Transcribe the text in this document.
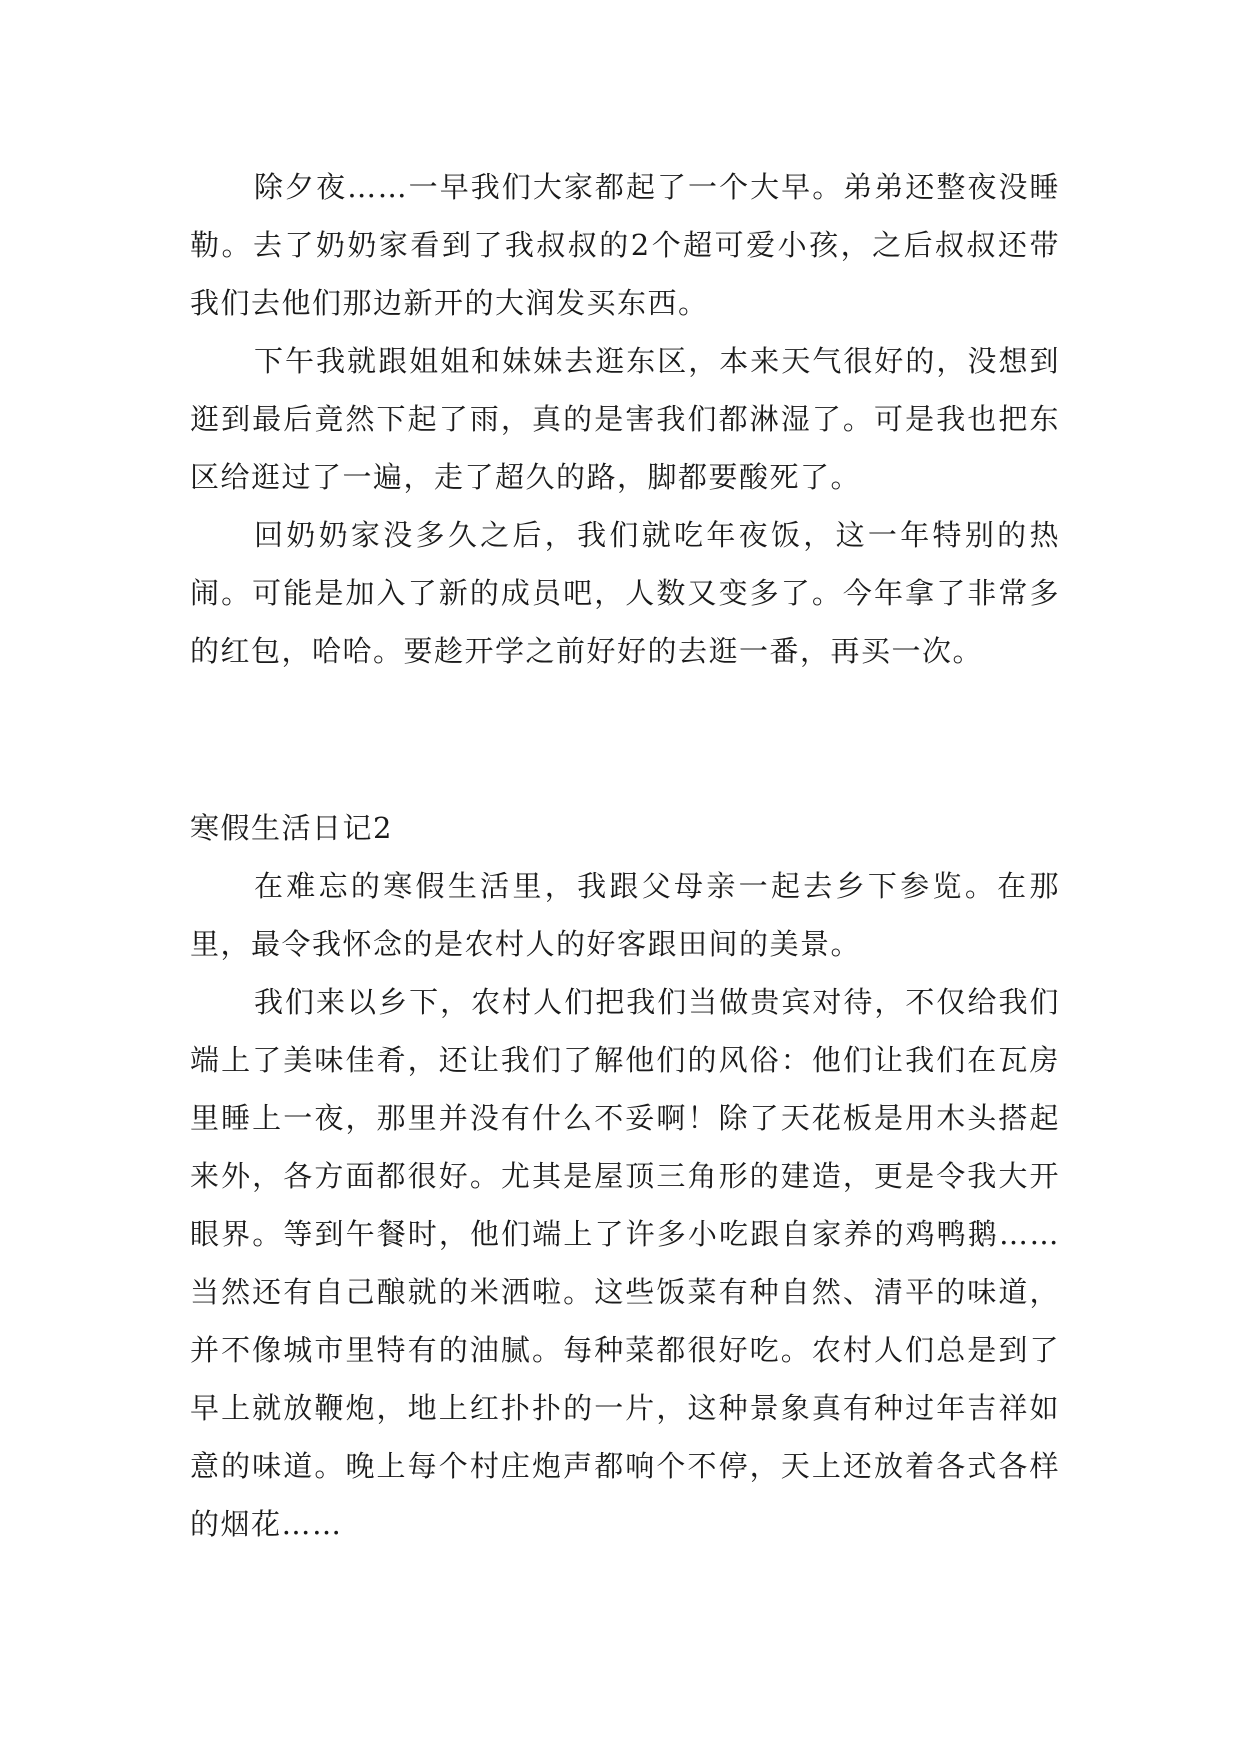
除夕夜……一早我们大家都起了一个大早。弟弟还整夜没睡勒。去了奶奶家看到了我叔叔的2个超可爱小孩，之后叔叔还带我们去他们那边新开的大润发买东西。

下午我就跟姐姐和妹妹去逛东区，本来天气很好的，没想到逛到最后竟然下起了雨，真的是害我们都淋湿了。可是我也把东区给逛过了一遍，走了超久的路，脚都要酸死了。

回奶奶家没多久之后，我们就吃年夜饭，这一年特别的热闹。可能是加入了新的成员吧，人数又变多了。今年拿了非常多的红包，哈哈。要趁开学之前好好的去逛一番，再买一次。

寒假生活日记2

在难忘的寒假生活里，我跟父母亲一起去乡下参览。在那里，最令我怀念的是农村人的好客跟田间的美景。

我们来以乡下，农村人们把我们当做贵宾对待，不仅给我们端上了美味佳肴，还让我们了解他们的风俗：他们让我们在瓦房里睡上一夜，那里并没有什么不妥啊！除了天花板是用木头搭起来外，各方面都很好。尤其是屋顶三角形的建造，更是令我大开眼界。等到午餐时，他们端上了许多小吃跟自家养的鸡鸭鹅……当然还有自己酿就的米洒啦。这些饭菜有种自然、清平的味道，并不像城市里特有的油腻。每种菜都很好吃。农村人们总是到了早上就放鞭炮，地上红扑扑的一片，这种景象真有种过年吉祥如意的味道。晚上每个村庄炮声都响个不停，天上还放着各式各样的烟花……
